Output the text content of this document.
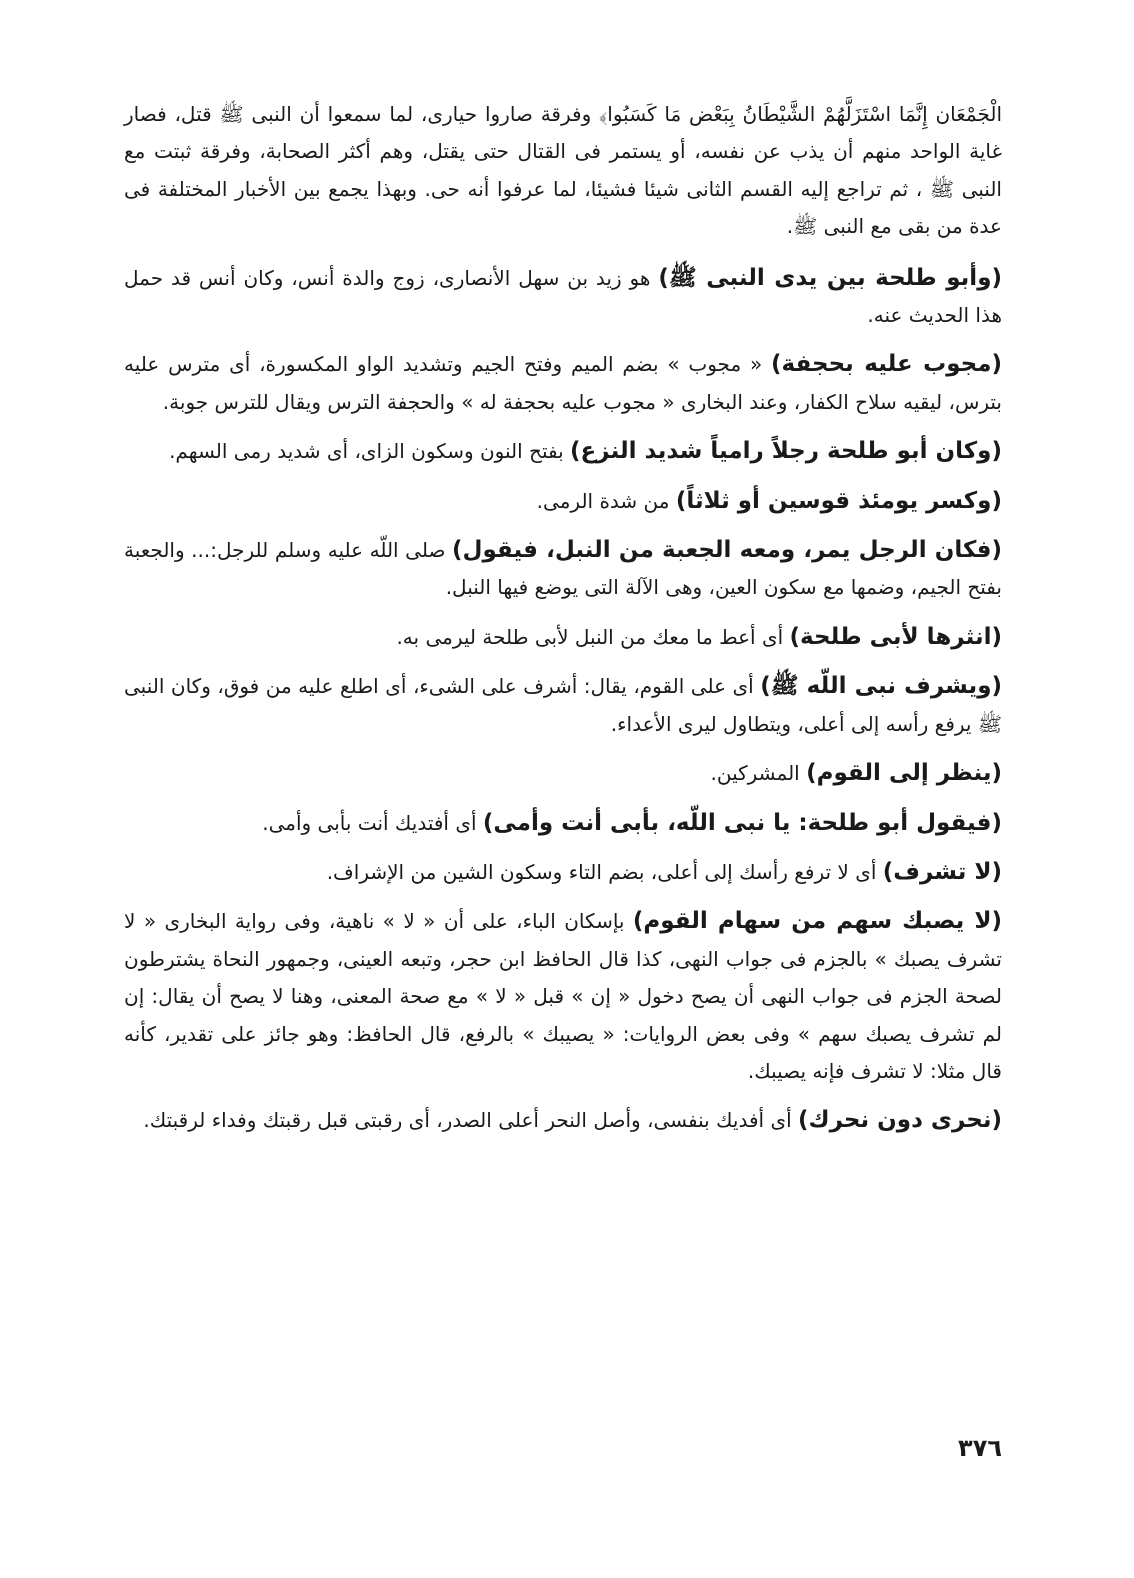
الْجَمْعَان إِنَّمَا اسْتَزَلَّهُمْ الشَّيْطَانُ بِبَعْض مَا كَسَبُوا﴾ وفرقة صاروا حيارى، لما سمعوا أن النبى ﷺ قتل، فصار غاية الواحد منهم أن يذب عن نفسه، أو يستمر فى القتال حتى يقتل، وهم أكثر الصحابة، وفرقة ثبتت مع النبى ﷺ ، ثم تراجع إليه القسم الثانى شيئا فشيئا، لما عرفوا أنه حى. وبهذا يجمع بين الأخبار المختلفة فى عدة من بقى مع النبى ﷺ.

(وأبو طلحة بين يدى النبى ﷺ) هو زيد بن سهل الأنصارى، زوج والدة أنس، وكان أنس قد حمل هذا الحديث عنه.

(مجوب عليه بحجفة) « مجوب » بضم الميم وفتح الجيم وتشديد الواو المكسورة، أى مترس عليه بترس، ليقيه سلاح الكفار، وعند البخارى « مجوب عليه بحجفة له » والحجفة الترس ويقال للترس جوبة.

(وكان أبو طلحة رجلاً رامياً شديد النزع) بفتح النون وسكون الزاى، أى شديد رمى السهم.

(وكسر يومئذ قوسين أو ثلاثاً) من شدة الرمى.

(فكان الرجل يمر، ومعه الجعبة من النبل، فيقول) صلى اللّه عليه وسلم للرجل:... والجعبة بفتح الجيم، وضمها مع سكون العين، وهى الآلة التى يوضع فيها النبل.

(انثرها لأبى طلحة) أى أعط ما معك من النبل لأبى طلحة ليرمى به.

(ويشرف نبى اللّه ﷺ) أى على القوم، يقال: أشرف على الشىء، أى اطلع عليه من فوق، وكان النبى ﷺ يرفع رأسه إلى أعلى، ويتطاول ليرى الأعداء.

(ينظر إلى القوم) المشركين.

(فيقول أبو طلحة: يا نبى اللّه، بأبى أنت وأمى) أى أفتديك أنت بأبى وأمى.

(لا تشرف) أى لا ترفع رأسك إلى أعلى، بضم التاء وسكون الشين من الإشراف.

(لا يصبك سهم من سهام القوم) بإسكان الباء، على أن « لا » ناهية، وفى رواية البخارى « لا تشرف يصبك » بالجزم فى جواب النهى، كذا قال الحافظ ابن حجر، وتبعه العينى، وجمهور النحاة يشترطون لصحة الجزم فى جواب النهى أن يصح دخول « إن » قبل « لا » مع صحة المعنى، وهنا لا يصح أن يقال: إن لم تشرف يصبك سهم » وفى بعض الروايات: « يصيبك » بالرفع، قال الحافظ: وهو جائز على تقدير، كأنه قال مثلا: لا تشرف فإنه يصيبك.

(نحرى دون نحرك) أى أفديك بنفسى، وأصل النحر أعلى الصدر، أى رقبتى قبل رقبتك وفداء لرقبتك.

٣٧٦
